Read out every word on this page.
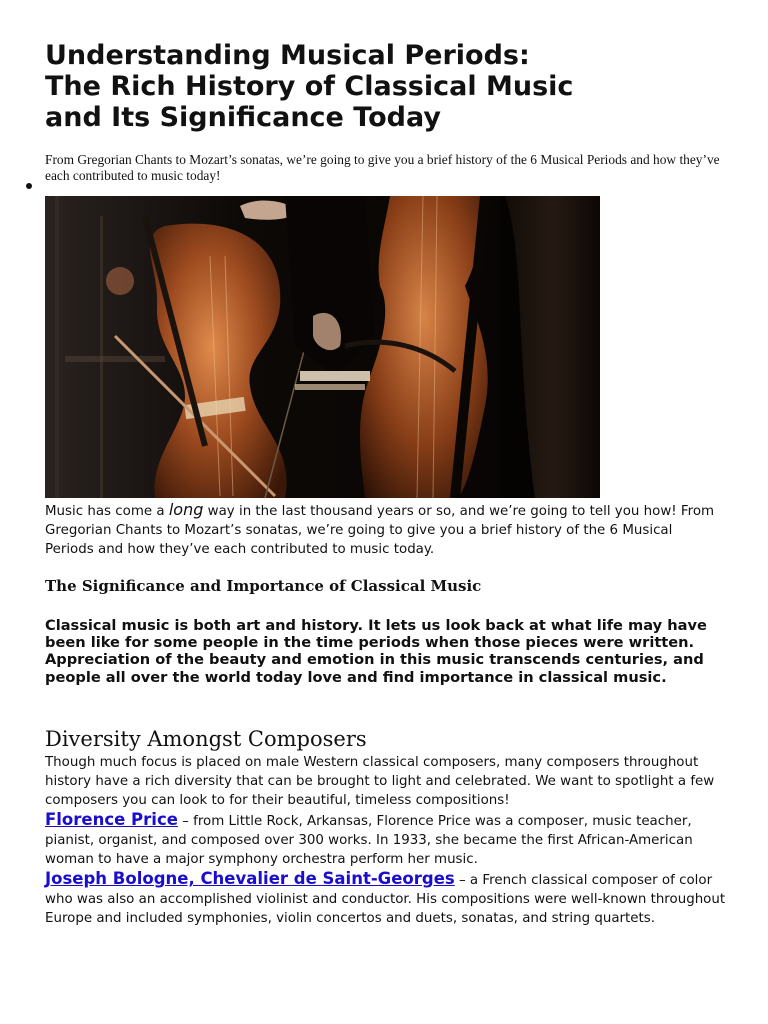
Understanding Musical Periods:
The Rich History of Classical Music
and Its Significance Today

From Gregorian Chants to Mozart’s sonatas, we’re going to give you a brief history of the 6 Musical Periods and how they’ve each contributed to music today!

Music has come a long way in the last thousand years or so, and we’re going to tell you how! From Gregorian Chants to Mozart’s sonatas, we’re going to give you a brief history of the 6 Musical Periods and how they’ve each contributed to music today.
The Significance and Importance of Classical Music

Classical music is both art and history. It lets us look back at what life may have been like for some people in the time periods when those pieces were written. Appreciation of the beauty and emotion in this music transcends centuries, and people all over the world today love and find importance in classical music.

Diversity Amongst Composers

Though much focus is placed on male Western classical composers, many composers throughout history have a rich diversity that can be brought to light and celebrated. We want to spotlight a few composers you can look to for their beautiful, timeless compositions!

Florence Price – from Little Rock, Arkansas, Florence Price was a composer, music teacher, pianist, organist, and composed over 300 works. In 1933, she became the first African-American woman to have a major symphony orchestra perform her music.

Joseph Bologne, Chevalier de Saint-Georges – a French classical composer of color who was also an accomplished violinist and conductor. His compositions were well-known throughout Europe and included symphonies, violin concertos and duets, sonatas, and string quartets.
